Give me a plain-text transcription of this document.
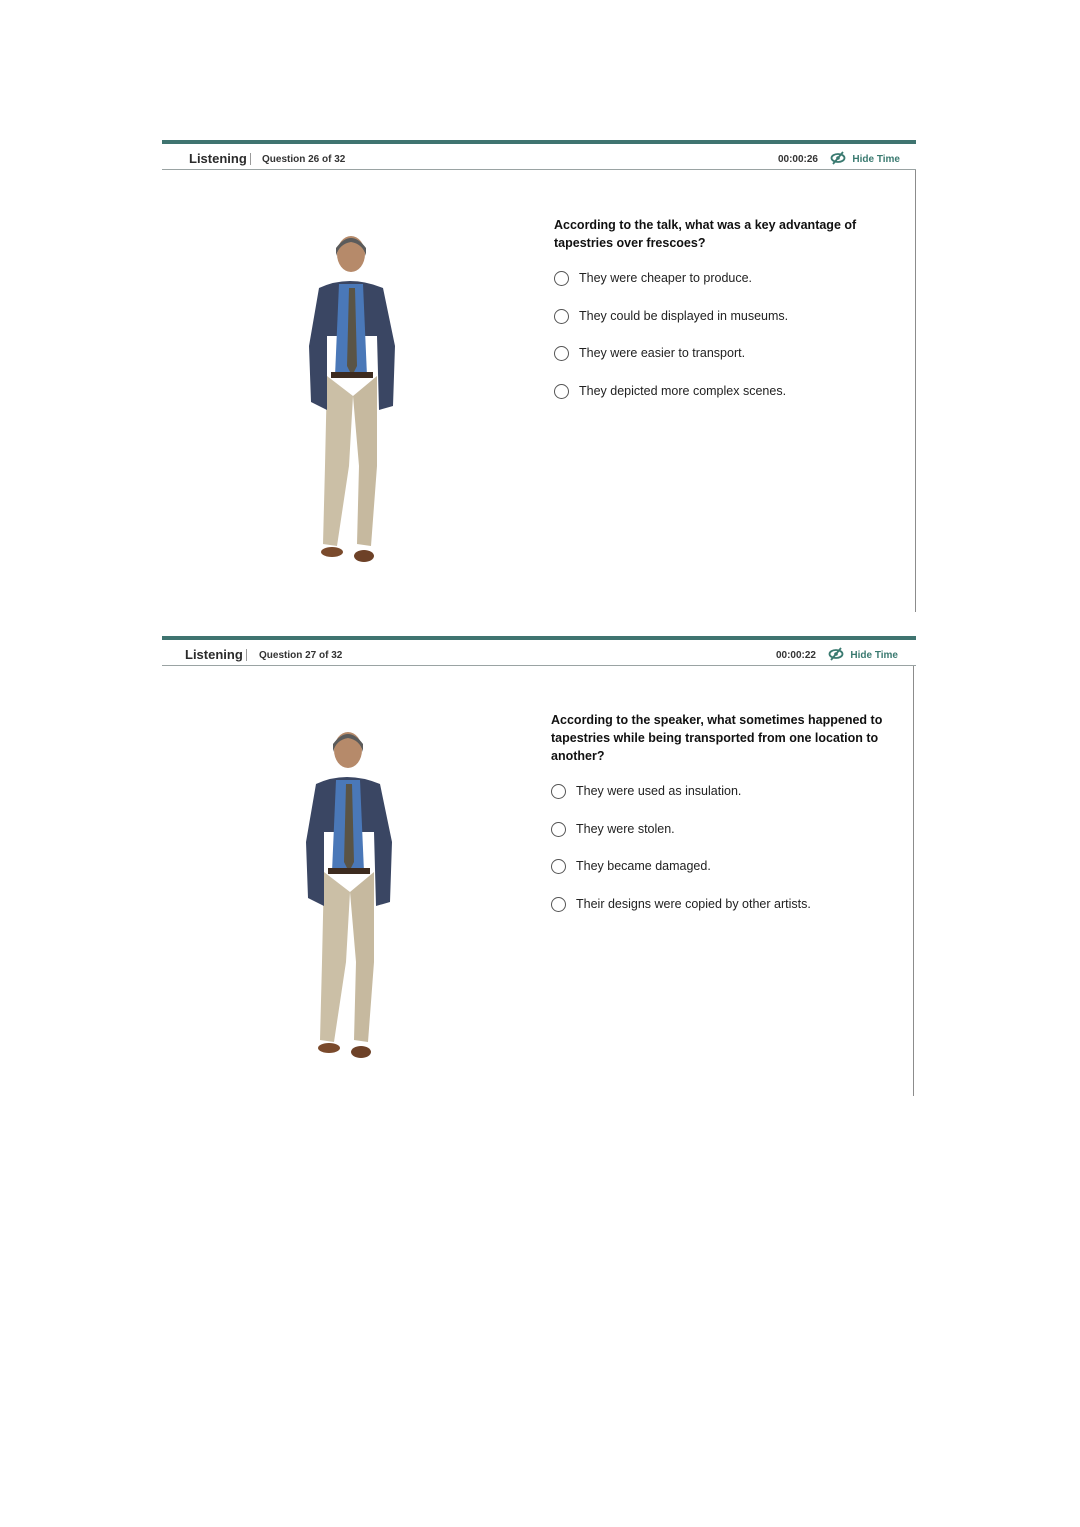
Listening Question 26 of 32	00:00:26	Hide Time
According to the talk, what was a key advantage of tapestries over frescoes?
They were cheaper to produce.
They could be displayed in museums.
They were easier to transport.
They depicted more complex scenes.
Listening Question 27 of 32	00:00:22	Hide Time
According to the speaker, what sometimes happened to tapestries while being transported from one location to another?
They were used as insulation.
They were stolen.
They became damaged.
Their designs were copied by other artists.
